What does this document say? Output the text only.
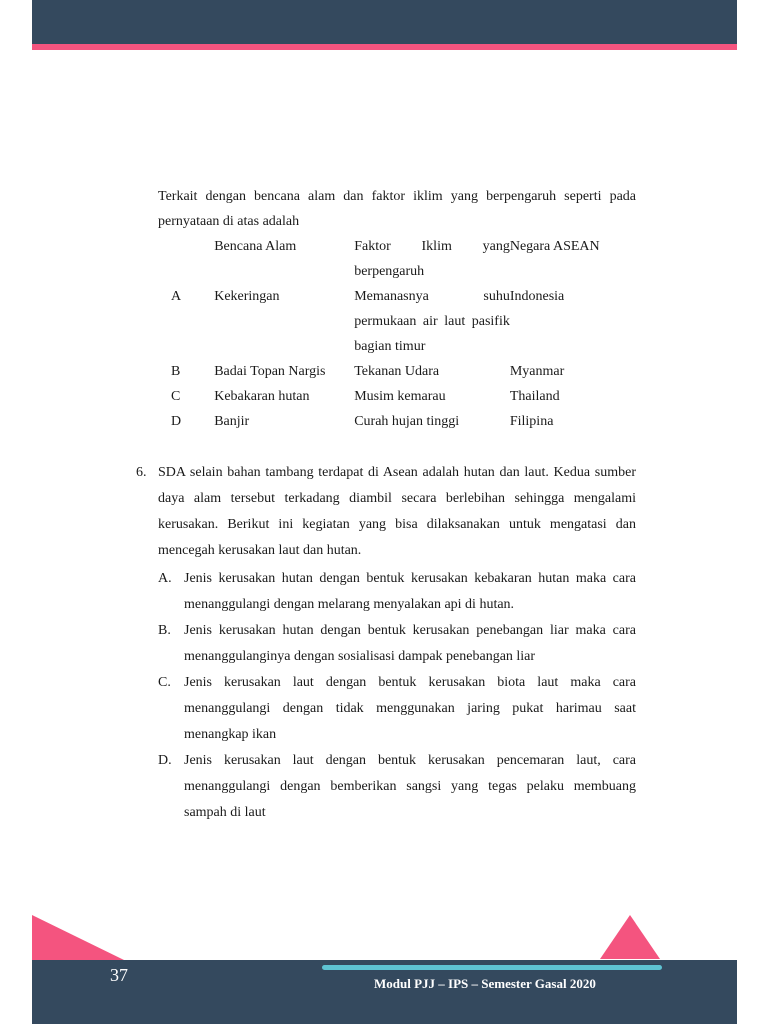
Terkait dengan bencana alam dan faktor iklim yang berpengaruh seperti pada pernyataan di atas adalah

	Bencana Alam	Faktor Iklim yang berpengaruh	Negara ASEAN
A	Kekeringan	Memanasnya suhu permukaan air laut pasifik bagian timur	Indonesia
B	Badai Topan Nargis	Tekanan Udara	Myanmar
C	Kebakaran hutan	Musim kemarau	Thailand
D	Banjir	Curah hujan tinggi	Filipina
6. SDA selain bahan tambang terdapat di Asean adalah hutan dan laut. Kedua sumber daya alam tersebut terkadang diambil secara berlebihan sehingga mengalami kerusakan. Berikut ini kegiatan yang bisa dilaksanakan untuk mengatasi dan mencegah kerusakan laut dan hutan.
A. Jenis kerusakan hutan dengan bentuk kerusakan kebakaran hutan maka cara menanggulangi dengan melarang menyalakan api di hutan.
B. Jenis kerusakan hutan dengan bentuk kerusakan penebangan liar maka cara menanggulanginya dengan sosialisasi dampak penebangan liar
C. Jenis kerusakan laut dengan bentuk kerusakan biota laut maka cara menanggulangi dengan tidak menggunakan jaring pukat harimau saat menangkap ikan
D. Jenis kerusakan laut dengan bentuk kerusakan pencemaran laut, cara menanggulangi dengan bemberikan sangsi yang tegas pelaku membuang sampah di laut
37	Modul PJJ – IPS – Semester Gasal 2020
